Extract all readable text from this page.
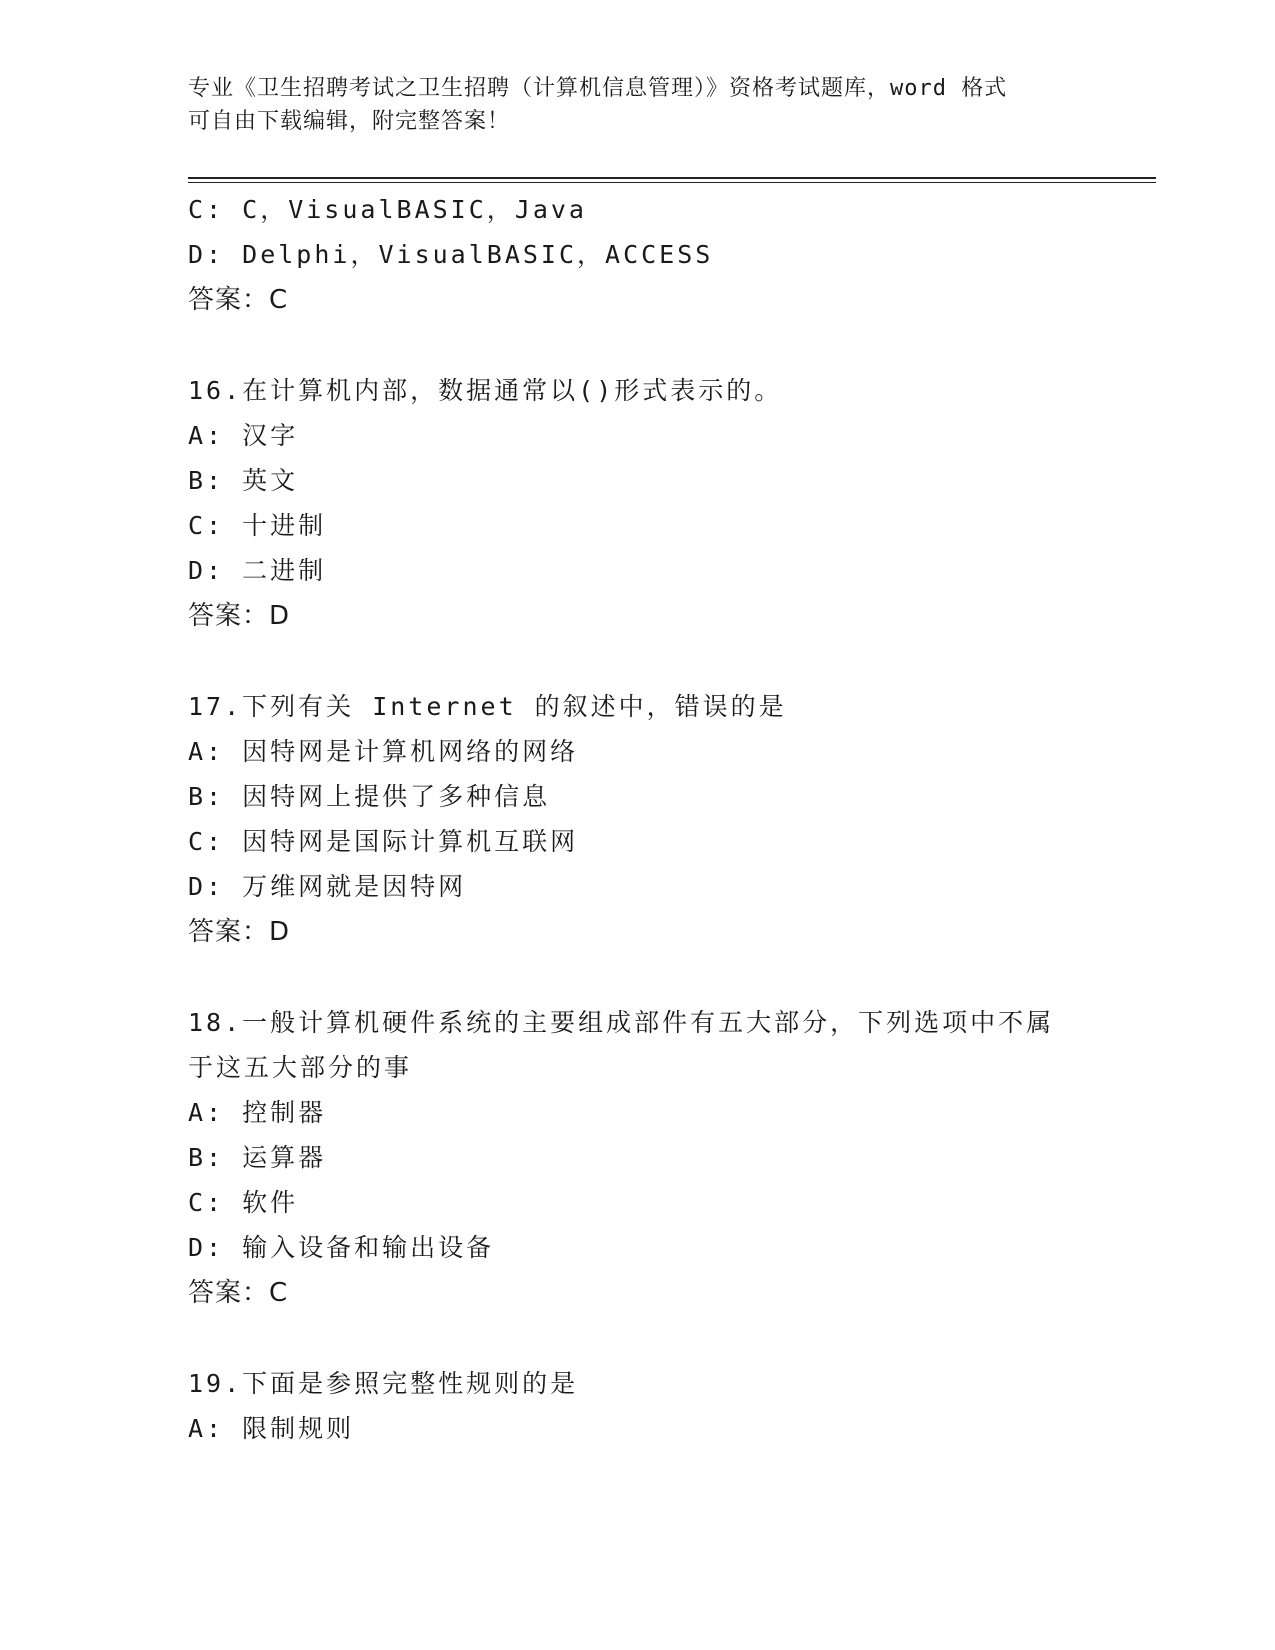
专业《卫生招聘考试之卫生招聘（计算机信息管理）》资格考试题库，word 格式
可自由下载编辑，附完整答案！
C: C，VisualBASIC，Java
D: Delphi，VisualBASIC，ACCESS
答案：C
16.在计算机内部，数据通常以()形式表示的。
A: 汉字
B: 英文
C: 十进制
D: 二进制
答案：D
17.下列有关 Internet 的叙述中，错误的是
A: 因特网是计算机网络的网络
B: 因特网上提供了多种信息
C: 因特网是国际计算机互联网
D: 万维网就是因特网
答案：D
18.一般计算机硬件系统的主要组成部件有五大部分，下列选项中不属
于这五大部分的事
A: 控制器
B: 运算器
C: 软件
D: 输入设备和输出设备
答案：C
19.下面是参照完整性规则的是
A: 限制规则
